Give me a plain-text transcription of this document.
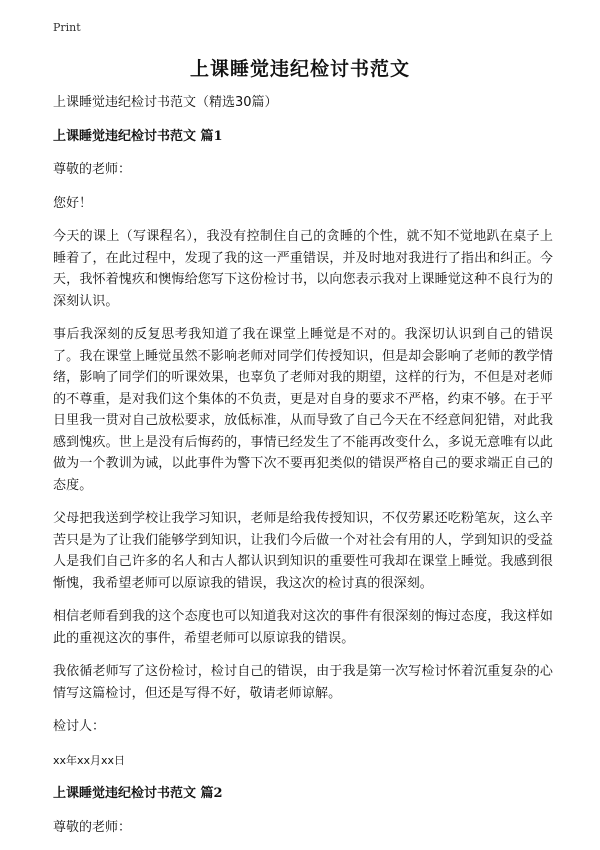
Print
上课睡觉违纪检讨书范文

上课睡觉违纪检讨书范文（精选30篇）

上课睡觉违纪检讨书范文 篇1

尊敬的老师：

您好！

今天的课上（写课程名），我没有控制住自己的贪睡的个性，就不知不觉地趴在桌子上睡着了，在此过程中，发现了我的这一严重错误，并及时地对我进行了指出和纠正。今天，我怀着愧疚和懊悔给您写下这份检讨书，以向您表示我对上课睡觉这种不良行为的深刻认识。

事后我深刻的反复思考我知道了我在课堂上睡觉是不对的。我深切认识到自己的错误了。我在课堂上睡觉虽然不影响老师对同学们传授知识，但是却会影响了老师的教学情绪，影响了同学们的听课效果，也辜负了老师对我的期望，这样的行为，不但是对老师的不尊重，是对我们这个集体的不负责，更是对自身的要求不严格，约束不够。在于平日里我一贯对自己放松要求，放低标准，从而导致了自己今天在不经意间犯错，对此我感到愧疚。世上是没有后悔药的，事情已经发生了不能再改变什么，多说无意唯有以此做为一个教训为诫，以此事件为警下次不要再犯类似的错误严格自己的要求端正自己的态度。

父母把我送到学校让我学习知识，老师是给我传授知识，不仅劳累还吃粉笔灰，这么辛苦只是为了让我们能够学到知识，让我们今后做一个对社会有用的人，学到知识的受益人是我们自己许多的名人和古人都认识到知识的重要性可我却在课堂上睡觉。我感到很惭愧，我希望老师可以原谅我的错误，我这次的检讨真的很深刻。

相信老师看到我的这个态度也可以知道我对这次的事件有很深刻的悔过态度，我这样如此的重视这次的事件，希望老师可以原谅我的错误。

我依循老师写了这份检讨，检讨自己的错误，由于我是第一次写检讨怀着沉重复杂的心情写这篇检讨，但还是写得不好，敬请老师谅解。

检讨人：

xx年xx月xx日

上课睡觉违纪检讨书范文 篇2

尊敬的老师：
